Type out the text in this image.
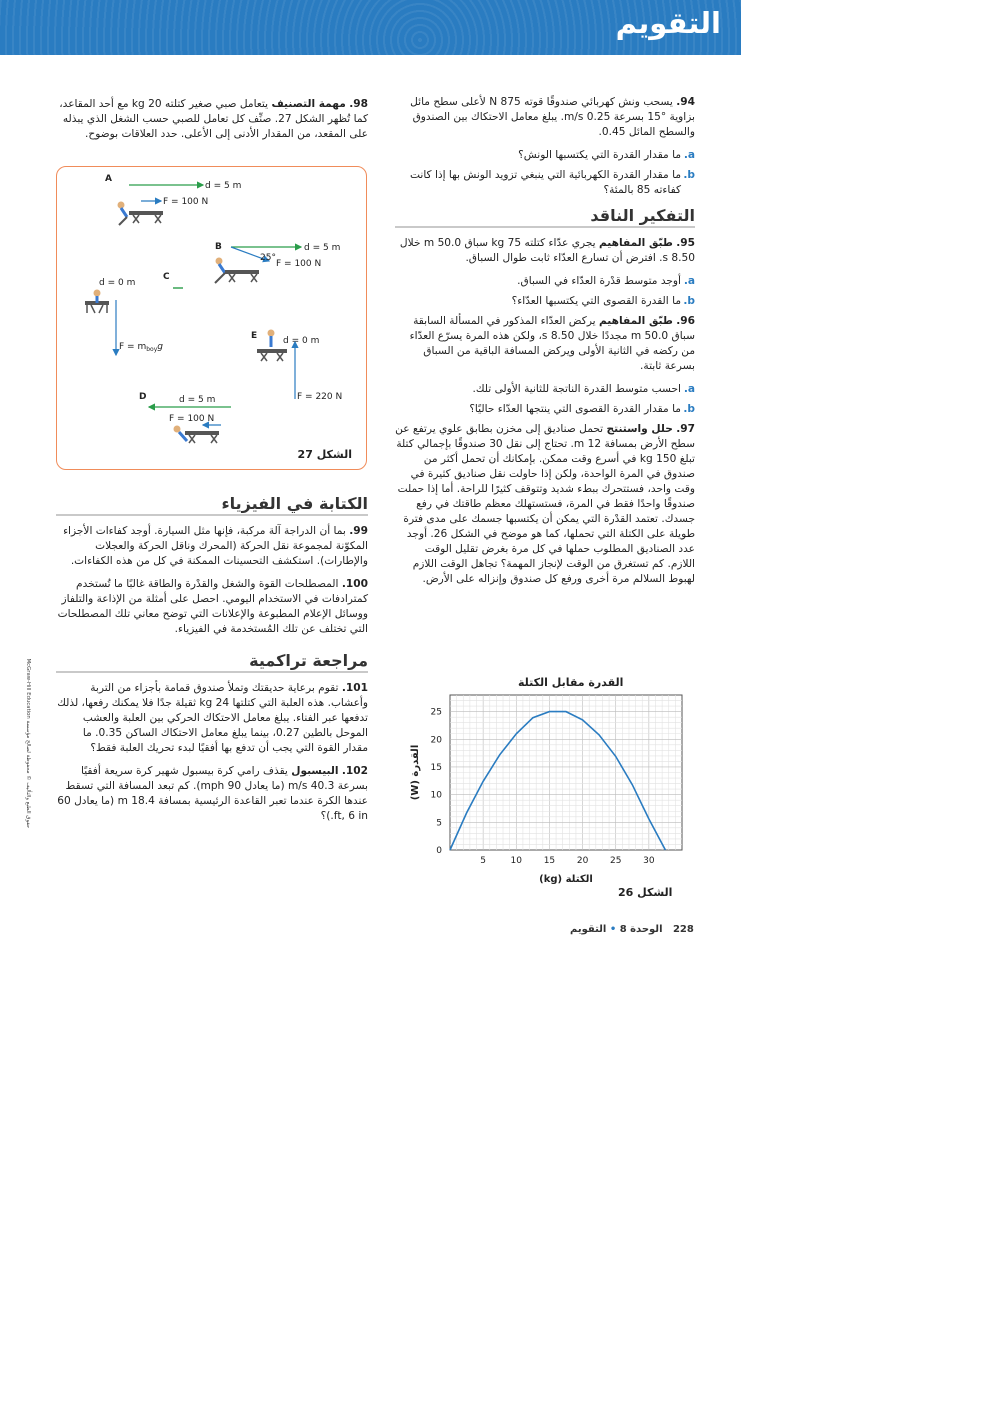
التقويم
94. يسحب ونش كهربائي صندوقًا قوته 875 N لأعلى سطح مائل بزاوية °15 بسرعة 0.25 m/s. يبلغ معامل الاحتكاك بين الصندوق والسطح المائل 0.45.
a.
ما مقدار القدرة التي يكتسبها الونش؟
b.
ما مقدار القدرة الكهربائية التي ينبغي تزويد الونش بها إذا كانت كفاءته 85 بالمئة؟
التفكير الناقد
95. طبّق المفاهيم يجري عدّاء كتلته 75 kg سباق 50.0 m خلال 8.50 s. افترض أن تسارع العدّاء ثابت طوال السباق.
a.
أوجد متوسط قدْرة العدّاء في السباق.
b.
ما القدرة القصوى التي يكتسبها العدّاء؟
96. طبّق المفاهيم يركض العدّاء المذكور في المسألة السابقة سباق 50.0 m مجددًا خلال 8.50 s، ولكن هذه المرة يسرّع العدّاء من ركضه في الثانية الأولى ويركض المسافة الباقية من السباق بسرعة ثابتة.
a.
احسب متوسط القدرة الناتجة للثانية الأولى تلك.
b.
ما مقدار القدرة القصوى التي ينتجها العدّاء حاليًا؟
97. حلل واستنتج تحمل صناديق إلى مخزن بطابق علوي يرتفع عن سطح الأرض بمسافة 12 m. تحتاج إلى نقل 30 صندوقًا بإجمالي كتلة تبلغ 150 kg في أسرع وقت ممكن. بإمكانك أن تحمل أكثر من صندوق في المرة الواحدة، ولكن إذا حاولت نقل صناديق كثيرة في وقت واحد، فستتحرك ببطء شديد وتتوقف كثيرًا للراحة. أما إذا حملت صندوقًا واحدًا فقط في المرة، فستستهلك معظم طاقتك في رفع جسدك. تعتمد القدْرة التي يمكن أن يكتسبها جسمك على مدى فترة طويلة على الكتلة التي تحملها، كما هو موضح في الشكل 26. أوجد عدد الصناديق المطلوب حملها في كل مرة بغرض تقليل الوقت اللازم. كم تستغرق من الوقت لإنجاز المهمة؟ تجاهل الوقت اللازم لهبوط السلالم مرة أخرى ورفع كل صندوق وإنزاله على الأرض.
98. مهمة التصنيف يتعامل صبي صغير كتلته 20 kg مع أحد المقاعد، كما تُظهر الشكل 27. صنِّف كل تعامل للصبي حسب الشغل الذي يبذله على المقعد، من المقدار الأدنى إلى الأعلى. حدد العلاقات بوضوح.
A
d = 5 m
F = 100 N
B	d = 5 m
25°
F = 100 N
C
d = 0 m
$F = m_{boy}g$
E	d = 0 m
F = 220 N
D	d = 5 m
F = 100 N
الشكل 27
الكتابة في الفيزياء
99. بما أن الدراجة آلة مركبة، فإنها مثل السيارة. أوجد كفاءات الأجزاء المكوّنة لمجموعة نقل الحركة (المحرك وناقل الحركة والعجلات والإطارات). استكشف التحسينات الممكنة في كل من هذه الكفاءات.
100. المصطلحات القوة والشغل والقدْرة والطاقة غالبًا ما تُستخدم كمترادفات في الاستخدام اليومي. احصل على أمثلة من الإذاعة والتلفاز ووسائل الإعلام المطبوعة والإعلانات التي توضح معاني تلك المصطلحات التي تختلف عن تلك المُستخدمة في الفيزياء.
مراجعة تراكمية
101. تقوم برعاية حديقتك وتملأ صندوق قمامة بأجزاء من التربة وأعشاب. هذه العلبة التي كتلتها 24 kg ثقيلة جدًا فلا يمكنك رفعها، لذلك تدفعها عبر الفناء. يبلغ معامل الاحتكاك الحركي بين العلبة والعشب الموحل بالطين 0.27، بينما يبلغ معامل الاحتكاك الساكن 0.35. ما مقدار القوة التي يجب أن تدفع بها أفقيًا لبدء تحريك العلبة فقط؟
102. البيسبول يقذف رامي كرة بيسبول شهير كرة سريعة أفقيًا بسرعة 40.3 m/s (ما يعادل 90 mph). كم تبعد المسافة التي تسقط عندها الكرة عندما تعبر القاعدة الرئيسية بمسافة 18.4 m (ما يعادل 60 ft, 6 in.)؟
القدرة مقابل الكتلة
5	10 15 20 25 30
0
5
10
15
20
25
الكتلة (kg)
القدرة (W)
الشكل 26
حقوق الطبع والتأليف © محفوظة لصالح مؤسسة McGraw-Hill Education
228   الوحدة 8 • التقويم
